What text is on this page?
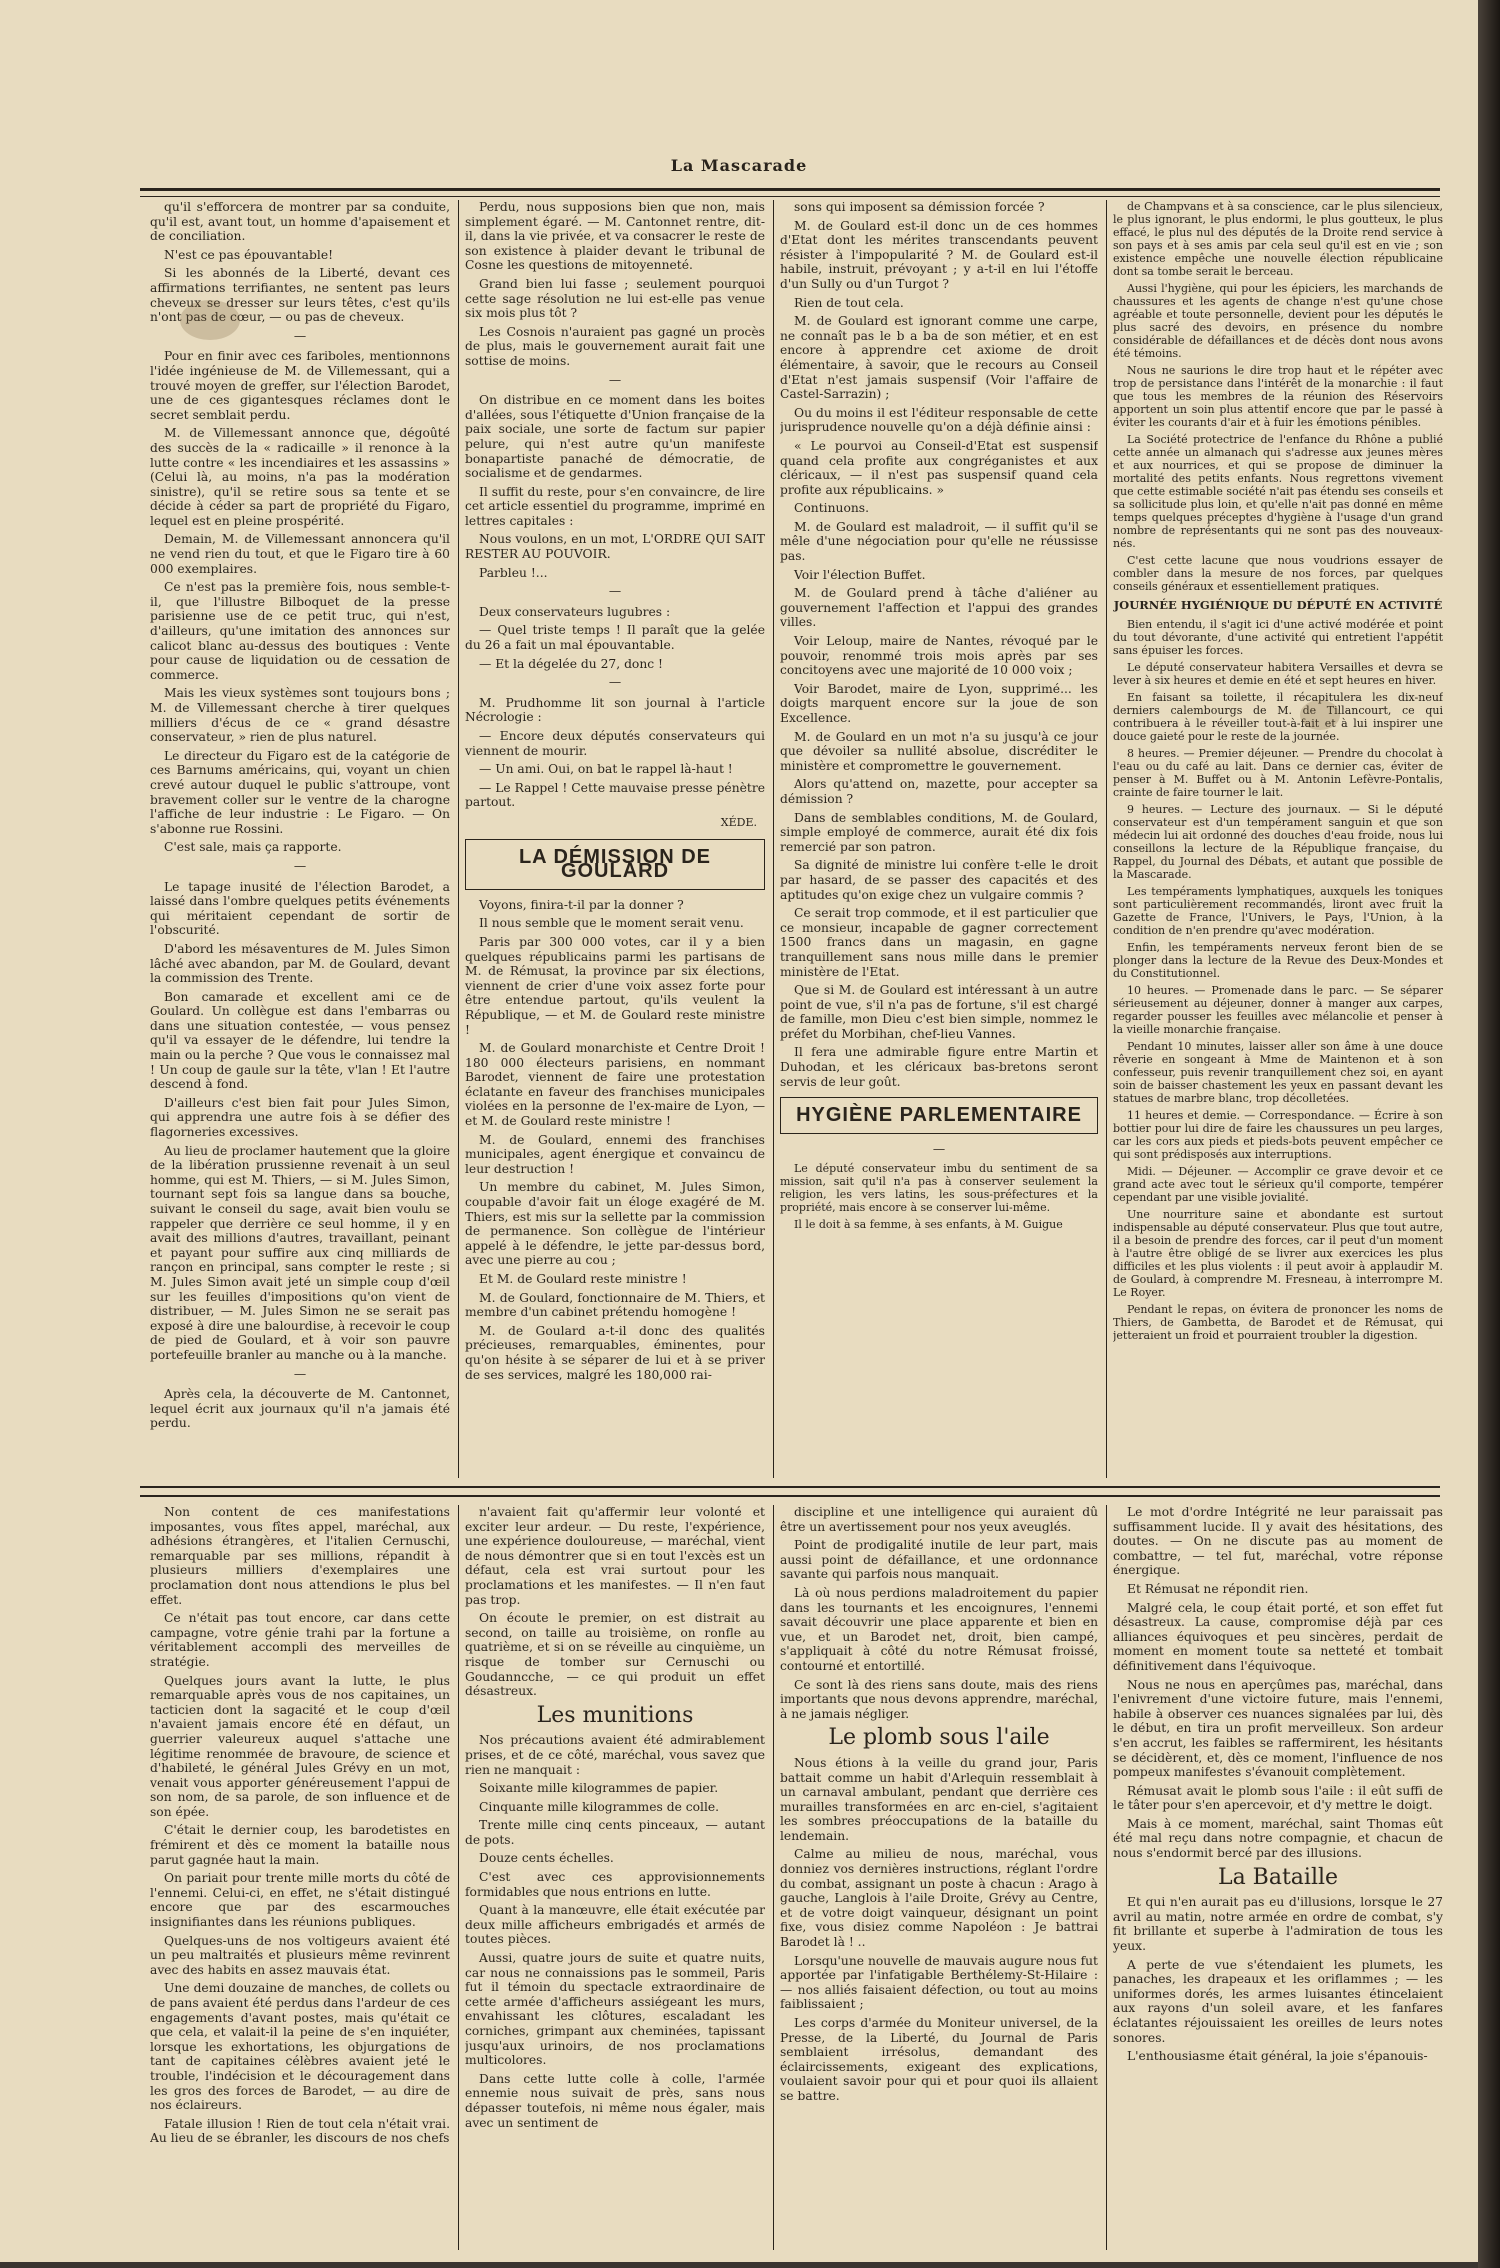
La Mascarade

qu'il s'efforcera de montrer par sa conduite, qu'il est, avant tout, un homme d'apaisement et de conciliation.

N'est ce pas épouvantable!

Si les abonnés de la Liberté, devant ces affirmations terrifiantes, ne sentent pas leurs cheveux se dresser sur leurs têtes, c'est qu'ils n'ont pas de cœur, — ou pas de cheveux.

—

Pour en finir avec ces fariboles, mentionnons l'idée ingénieuse de M. de Villemessant, qui a trouvé moyen de greffer, sur l'élection Barodet, une de ces gigantesques réclames dont le secret semblait perdu.

M. de Villemessant annonce que, dégoûté des succès de la « radicaille » il renonce à la lutte contre « les incendiaires et les assassins » (Celui là, au moins, n'a pas la modération sinistre), qu'il se retire sous sa tente et se décide à céder sa part de propriété du Figaro, lequel est en pleine prospérité.

Demain, M. de Villemessant annoncera qu'il ne vend rien du tout, et que le Figaro tire à 60 000 exemplaires.

Ce n'est pas la première fois, nous semble-t-il, que l'illustre Bilboquet de la presse parisienne use de ce petit truc, qui n'est, d'ailleurs, qu'une imitation des annonces sur calicot blanc au-dessus des boutiques : Vente pour cause de liquidation ou de cessation de commerce.

Mais les vieux systèmes sont toujours bons ; M. de Villemessant cherche à tirer quelques milliers d'écus de ce « grand désastre conservateur, » rien de plus naturel.

Le directeur du Figaro est de la catégorie de ces Barnums américains, qui, voyant un chien crevé autour duquel le public s'attroupe, vont bravement coller sur le ventre de la charogne l'affiche de leur industrie : Le Figaro. — On s'abonne rue Rossini.

C'est sale, mais ça rapporte.

—

Le tapage inusité de l'élection Barodet, a laissé dans l'ombre quelques petits événements qui méritaient cependant de sortir de l'obscurité.

D'abord les mésaventures de M. Jules Simon lâché avec abandon, par M. de Goulard, devant la commission des Trente.

Bon camarade et excellent ami ce de Goulard. Un collègue est dans l'embarras ou dans une situation contestée, — vous pensez qu'il va essayer de le défendre, lui tendre la main ou la perche ? Que vous le connaissez mal ! Un coup de gaule sur la tête, v'lan ! Et l'autre descend à fond.

D'ailleurs c'est bien fait pour Jules Simon, qui apprendra une autre fois à se défier des flagorneries excessives.

Au lieu de proclamer hautement que la gloire de la libération prussienne revenait à un seul homme, qui est M. Thiers, — si M. Jules Simon, tournant sept fois sa langue dans sa bouche, suivant le conseil du sage, avait bien voulu se rappeler que derrière ce seul homme, il y en avait des millions d'autres, travaillant, peinant et payant pour suffire aux cinq milliards de rançon en principal, sans compter le reste ; si M. Jules Simon avait jeté un simple coup d'œil sur les feuilles d'impositions qu'on vient de distribuer, — M. Jules Simon ne se serait pas exposé à dire une balourdise, à recevoir le coup de pied de Goulard, et à voir son pauvre portefeuille branler au manche ou à la manche.

—

Après cela, la découverte de M. Cantonnet, lequel écrit aux journaux qu'il n'a jamais été perdu.

Perdu, nous supposions bien que non, mais simplement égaré. — M. Cantonnet rentre, dit-il, dans la vie privée, et va consacrer le reste de son existence à plaider devant le tribunal de Cosne les questions de mitoyenneté.

Grand bien lui fasse ; seulement pourquoi cette sage résolution ne lui est-elle pas venue six mois plus tôt ?

Les Cosnois n'auraient pas gagné un procès de plus, mais le gouvernement aurait fait une sottise de moins.

—

On distribue en ce moment dans les boites d'allées, sous l'étiquette d'Union française de la paix sociale, une sorte de factum sur papier pelure, qui n'est autre qu'un manifeste bonapartiste panaché de démocratie, de socialisme et de gendarmes.

Il suffit du reste, pour s'en convaincre, de lire cet article essentiel du programme, imprimé en lettres capitales :

Nous voulons, en un mot, L'ORDRE QUI SAIT RESTER AU POUVOIR.

Parbleu !...

—

Deux conservateurs lugubres :

— Quel triste temps ! Il paraît que la gelée du 26 a fait un mal épouvantable.

— Et la dégelée du 27, donc !

—

M. Prudhomme lit son journal à l'article Nécrologie :

— Encore deux députés conservateurs qui viennent de mourir.

— Un ami. Oui, on bat le rappel là-haut !

— Le Rappel ! Cette mauvaise presse pénètre partout.

XÉDE.
LA DÉMISSION DE GOULARD

Voyons, finira-t-il par la donner ?

Il nous semble que le moment serait venu.

Paris par 300 000 votes, car il y a bien quelques républicains parmi les partisans de M. de Rémusat, la province par six élections, viennent de crier d'une voix assez forte pour être entendue partout, qu'ils veulent la République, — et M. de Goulard reste ministre !

M. de Goulard monarchiste et Centre Droit ! 180 000 électeurs parisiens, en nommant Barodet, viennent de faire une protestation éclatante en faveur des franchises municipales violées en la personne de l'ex-maire de Lyon, — et M. de Goulard reste ministre !

M. de Goulard, ennemi des franchises municipales, agent énergique et convaincu de leur destruction !

Un membre du cabinet, M. Jules Simon, coupable d'avoir fait un éloge exagéré de M. Thiers, est mis sur la sellette par la commission de permanence. Son collègue de l'intérieur appelé à le défendre, le jette par-dessus bord, avec une pierre au cou ;

Et M. de Goulard reste ministre !

M. de Goulard, fonctionnaire de M. Thiers, et membre d'un cabinet prétendu homogène !

M. de Goulard a-t-il donc des qualités précieuses, remarquables, éminentes, pour qu'on hésite à se séparer de lui et à se priver de ses services, malgré les 180,000 rai-

sons qui imposent sa démission forcée ?

M. de Goulard est-il donc un de ces hommes d'Etat dont les mérites transcendants peuvent résister à l'impopularité ? M. de Goulard est-il habile, instruit, prévoyant ; y a-t-il en lui l'étoffe d'un Sully ou d'un Turgot ?

Rien de tout cela.

M. de Goulard est ignorant comme une carpe, ne connaît pas le b a ba de son métier, et en est encore à apprendre cet axiome de droit élémentaire, à savoir, que le recours au Conseil d'Etat n'est jamais suspensif (Voir l'affaire de Castel-Sarrazin) ;

Ou du moins il est l'éditeur responsable de cette jurisprudence nouvelle qu'on a déjà définie ainsi :

« Le pourvoi au Conseil-d'Etat est suspensif quand cela profite aux congréganistes et aux cléricaux, — il n'est pas suspensif quand cela profite aux républicains. »

Continuons.

M. de Goulard est maladroit, — il suffit qu'il se mêle d'une négociation pour qu'elle ne réussisse pas.

Voir l'élection Buffet.

M. de Goulard prend à tâche d'aliéner au gouvernement l'affection et l'appui des grandes villes.

Voir Leloup, maire de Nantes, révoqué par le pouvoir, renommé trois mois après par ses concitoyens avec une majorité de 10 000 voix ;

Voir Barodet, maire de Lyon, supprimé... les doigts marquent encore sur la joue de son Excellence.

M. de Goulard en un mot n'a su jusqu'à ce jour que dévoiler sa nullité absolue, discréditer le ministère et compromettre le gouvernement.

Alors qu'attend on, mazette, pour accepter sa démission ?

Dans de semblables conditions, M. de Goulard, simple employé de commerce, aurait été dix fois remercié par son patron.

Sa dignité de ministre lui confère t-elle le droit par hasard, de se passer des capacités et des aptitudes qu'on exige chez un vulgaire commis ?

Ce serait trop commode, et il est particulier que ce monsieur, incapable de gagner correctement 1500 francs dans un magasin, en gagne tranquillement sans nous mille dans le premier ministère de l'Etat.

Que si M. de Goulard est intéressant à un autre point de vue, s'il n'a pas de fortune, s'il est chargé de famille, mon Dieu c'est bien simple, nommez le préfet du Morbihan, chef-lieu Vannes.

Il fera une admirable figure entre Martin et Duhodan, et les cléricaux bas-bretons seront servis de leur goût.

HYGIÈNE PARLEMENTAIRE
—

Le député conservateur imbu du sentiment de sa mission, sait qu'il n'a pas à conserver seulement la religion, les vers latins, les sous-préfectures et la propriété, mais encore à se conserver lui-même.

Il le doit à sa femme, à ses enfants, à M. Guigue

de Champvans et à sa conscience, car le plus silencieux, le plus ignorant, le plus endormi, le plus goutteux, le plus effacé, le plus nul des députés de la Droite rend service à son pays et à ses amis par cela seul qu'il est en vie ; son existence empêche une nouvelle élection républicaine dont sa tombe serait le berceau.

Aussi l'hygiène, qui pour les épiciers, les marchands de chaussures et les agents de change n'est qu'une chose agréable et toute personnelle, devient pour les députés le plus sacré des devoirs, en présence du nombre considérable de défaillances et de décès dont nous avons été témoins.

Nous ne saurions le dire trop haut et le répéter avec trop de persistance dans l'intérêt de la monarchie : il faut que tous les membres de la réunion des Réservoirs apportent un soin plus attentif encore que par le passé à éviter les courants d'air et à fuir les émotions pénibles.

La Société protectrice de l'enfance du Rhône a publié cette année un almanach qui s'adresse aux jeunes mères et aux nourrices, et qui se propose de diminuer la mortalité des petits enfants. Nous regrettons vivement que cette estimable société n'ait pas étendu ses conseils et sa sollicitude plus loin, et qu'elle n'ait pas donné en même temps quelques préceptes d'hygiène à l'usage d'un grand nombre de représentants qui ne sont pas des nouveaux-nés.

C'est cette lacune que nous voudrions essayer de combler dans la mesure de nos forces, par quelques conseils généraux et essentiellement pratiques.

JOURNÉE HYGIÉNIQUE DU DÉPUTÉ EN ACTIVITÉ

Bien entendu, il s'agit ici d'une activé modérée et point du tout dévorante, d'une activité qui entretient l'appétit sans épuiser les forces.

Le député conservateur habitera Versailles et devra se lever à six heures et demie en été et sept heures en hiver.

En faisant sa toilette, il récapitulera les dix-neuf derniers calembourgs de M. de Tillancourt, ce qui contribuera à le réveiller tout-à-fait et à lui inspirer une douce gaieté pour le reste de la journée.

8 heures. — Premier déjeuner. — Prendre du chocolat à l'eau ou du café au lait. Dans ce dernier cas, éviter de penser à M. Buffet ou à M. Antonin Lefèvre-Pontalis, crainte de faire tourner le lait.

9 heures. — Lecture des journaux. — Si le député conservateur est d'un tempérament sanguin et que son médecin lui ait ordonné des douches d'eau froide, nous lui conseillons la lecture de la République française, du Rappel, du Journal des Débats, et autant que possible de la Mascarade.

Les tempéraments lymphatiques, auxquels les toniques sont particulièrement recommandés, liront avec fruit la Gazette de France, l'Univers, le Pays, l'Union, à la condition de n'en prendre qu'avec modération.

Enfin, les tempéraments nerveux feront bien de se plonger dans la lecture de la Revue des Deux-Mondes et du Constitutionnel.

10 heures. — Promenade dans le parc. — Se séparer sérieusement au déjeuner, donner à manger aux carpes, regarder pousser les feuilles avec mélancolie et penser à la vieille monarchie française.

Pendant 10 minutes, laisser aller son âme à une douce rêverie en songeant à Mme de Maintenon et à son confesseur, puis revenir tranquillement chez soi, en ayant soin de baisser chastement les yeux en passant devant les statues de marbre blanc, trop décolletées.

11 heures et demie. — Correspondance. — Écrire à son bottier pour lui dire de faire les chaussures un peu larges, car les cors aux pieds et pieds-bots peuvent empêcher ce qui sont prédisposés aux interruptions.

Midi. — Déjeuner. — Accomplir ce grave devoir et ce grand acte avec tout le sérieux qu'il comporte, tempérer cependant par une visible jovialité.

Une nourriture saine et abondante est surtout indispensable au député conservateur. Plus que tout autre, il a besoin de prendre des forces, car il peut d'un moment à l'autre être obligé de se livrer aux exercices les plus difficiles et les plus violents : il peut avoir à applaudir M. de Goulard, à comprendre M. Fresneau, à interrompre M. Le Royer.

Pendant le repas, on évitera de prononcer les noms de Thiers, de Gambetta, de Barodet et de Rémusat, qui jetteraient un froid et pourraient troubler la digestion.

Non content de ces manifestations imposantes, vous fîtes appel, maréchal, aux adhésions étrangères, et l'italien Cernuschi, remarquable par ses millions, répandit à plusieurs milliers d'exemplaires une proclamation dont nous attendions le plus bel effet.

Ce n'était pas tout encore, car dans cette campagne, votre génie trahi par la fortune a véritablement accompli des merveilles de stratégie.

Quelques jours avant la lutte, le plus remarquable après vous de nos capitaines, un tacticien dont la sagacité et le coup d'œil n'avaient jamais encore été en défaut, un guerrier valeureux auquel s'attache une légitime renommée de bravoure, de science et d'habileté, le général Jules Grévy en un mot, venait vous apporter généreusement l'appui de son nom, de sa parole, de son influence et de son épée.

C'était le dernier coup, les barodetistes en frémirent et dès ce moment la bataille nous parut gagnée haut la main.

On pariait pour trente mille morts du côté de l'ennemi. Celui-ci, en effet, ne s'était distingué encore que par des escarmouches insignifiantes dans les réunions publiques.

Quelques-uns de nos voltigeurs avaient été un peu maltraités et plusieurs même revinrent avec des habits en assez mauvais état.

Une demi douzaine de manches, de collets ou de pans avaient été perdus dans l'ardeur de ces engagements d'avant postes, mais qu'était ce que cela, et valait-il la peine de s'en inquiéter, lorsque les exhortations, les objurgations de tant de capitaines célèbres avaient jeté le trouble, l'indécision et le découragement dans les gros des forces de Barodet, — au dire de nos éclaireurs.

Fatale illusion ! Rien de tout cela n'était vrai. Au lieu de se ébranler, les discours de nos chefs

n'avaient fait qu'affermir leur volonté et exciter leur ardeur. — Du reste, l'expérience, une expérience douloureuse, — maréchal, vient de nous démontrer que si en tout l'excès est un défaut, cela est vrai surtout pour les proclamations et les manifestes. — Il n'en faut pas trop.

On écoute le premier, on est distrait au second, on taille au troisième, on ronfle au quatrième, et si on se réveille au cinquième, un risque de tomber sur Cernuschi ou Goudanncche, — ce qui produit un effet désastreux.

Les munitions

Nos précautions avaient été admirablement prises, et de ce côté, maréchal, vous savez que rien ne manquait :

Soixante mille kilogrammes de papier.

Cinquante mille kilogrammes de colle.

Trente mille cinq cents pinceaux, — autant de pots.

Douze cents échelles.

C'est avec ces approvisionnements formidables que nous entrions en lutte.

Quant à la manœuvre, elle était exécutée par deux mille afficheurs embrigadés et armés de toutes pièces.

Aussi, quatre jours de suite et quatre nuits, car nous ne connaissions pas le sommeil, Paris fut il témoin du spectacle extraordinaire de cette armée d'afficheurs assiégeant les murs, envahissant les clôtures, escaladant les corniches, grimpant aux cheminées, tapissant jusqu'aux urinoirs, de nos proclamations multicolores.

Dans cette lutte colle à colle, l'armée ennemie nous suivait de près, sans nous dépasser toutefois, ni même nous égaler, mais avec un sentiment de

discipline et une intelligence qui auraient dû être un avertissement pour nos yeux aveuglés.

Point de prodigalité inutile de leur part, mais aussi point de défaillance, et une ordonnance savante qui parfois nous manquait.

Là où nous perdions maladroitement du papier dans les tournants et les encoignures, l'ennemi savait découvrir une place apparente et bien en vue, et un Barodet net, droit, bien campé, s'appliquait à côté du notre Rémusat froissé, contourné et entortillé.

Ce sont là des riens sans doute, mais des riens importants que nous devons apprendre, maréchal, à ne jamais négliger.

Le plomb sous l'aile

Nous étions à la veille du grand jour, Paris battait comme un habit d'Arlequin ressemblait à un carnaval ambulant, pendant que derrière ces murailles transformées en arc en-ciel, s'agitaient les sombres préoccupations de la bataille du lendemain.

Calme au milieu de nous, maréchal, vous donniez vos dernières instructions, réglant l'ordre du combat, assignant un poste à chacun : Arago à gauche, Langlois à l'aile Droite, Grévy au Centre, et de votre doigt vainqueur, désignant un point fixe, vous disiez comme Napoléon : Je battrai Barodet là ! ..

Lorsqu'une nouvelle de mauvais augure nous fut apportée par l'infatigable Berthélemy-St-Hilaire : — nos alliés faisaient défection, ou tout au moins faiblissaient ;

Les corps d'armée du Moniteur universel, de la Presse, de la Liberté, du Journal de Paris semblaient irrésolus, demandant des éclaircissements, exigeant des explications, voulaient savoir pour qui et pour quoi ils allaient se battre.

Le mot d'ordre Intégrité ne leur paraissait pas suffisamment lucide. Il y avait des hésitations, des doutes. — On ne discute pas au moment de combattre, — tel fut, maréchal, votre réponse énergique.

Et Rémusat ne répondit rien.

Malgré cela, le coup était porté, et son effet fut désastreux. La cause, compromise déjà par ces alliances équivoques et peu sincères, perdait de moment en moment toute sa netteté et tombait définitivement dans l'équivoque.

Nous ne nous en aperçûmes pas, maréchal, dans l'enivrement d'une victoire future, mais l'ennemi, habile à observer ces nuances signalées par lui, dès le début, en tira un profit merveilleux. Son ardeur s'en accrut, les faibles se raffermirent, les hésitants se décidèrent, et, dès ce moment, l'influence de nos pompeux manifestes s'évanouit complètement.

Rémusat avait le plomb sous l'aile : il eût suffi de le tâter pour s'en apercevoir, et d'y mettre le doigt.

Mais à ce moment, maréchal, saint Thomas eût été mal reçu dans notre compagnie, et chacun de nous s'endormit bercé par des illusions.

La Bataille

Et qui n'en aurait pas eu d'illusions, lorsque le 27 avril au matin, notre armée en ordre de combat, s'y fit brillante et superbe à l'admiration de tous les yeux.

A perte de vue s'étendaient les plumets, les panaches, les drapeaux et les oriflammes ; — les uniformes dorés, les armes luisantes étincelaient aux rayons d'un soleil avare, et les fanfares éclatantes réjouissaient les oreilles de leurs notes sonores.

L'enthousiasme était général, la joie s'épanouis-
